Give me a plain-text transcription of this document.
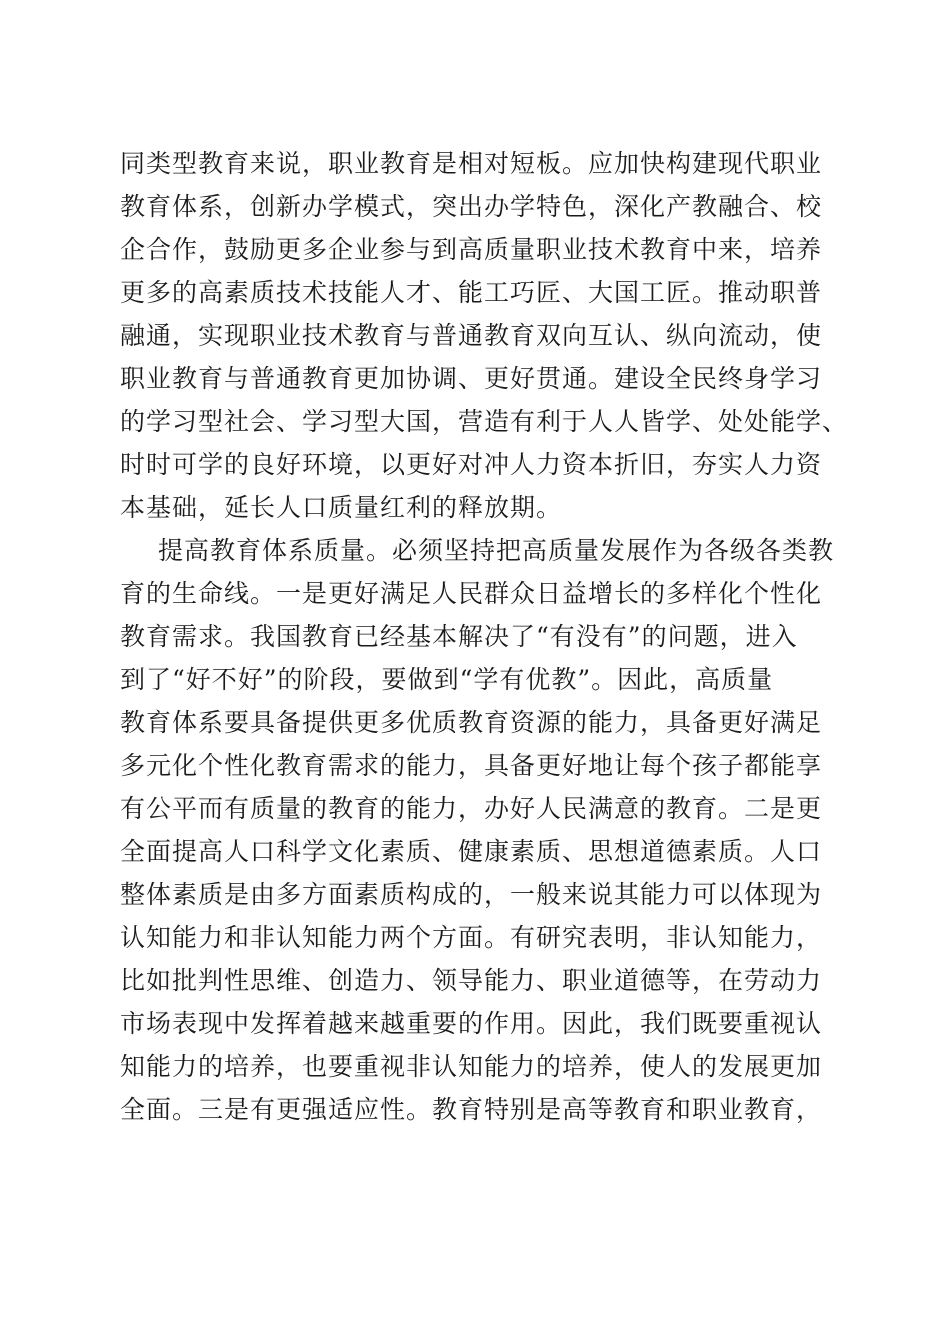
同类型教育来说，职业教育是相对短板。应加快构建现代职业
教育体系，创新办学模式，突出办学特色，深化产教融合、校
企合作，鼓励更多企业参与到高质量职业技术教育中来，培养
更多的高素质技术技能人才、能工巧匠、大国工匠。推动职普
融通，实现职业技术教育与普通教育双向互认、纵向流动，使
职业教育与普通教育更加协调、更好贯通。建设全民终身学习
的学习型社会、学习型大国，营造有利于人人皆学、处处能学、
时时可学的良好环境，以更好对冲人力资本折旧，夯实人力资
本基础，延长人口质量红利的释放期。
提高教育体系质量。必须坚持把高质量发展作为各级各类教
育的生命线。一是更好满足人民群众日益增长的多样化个性化
教育需求。我国教育已经基本解决了“有没有”的问题，进入
到了“好不好”的阶段，要做到“学有优教”。因此，高质量
教育体系要具备提供更多优质教育资源的能力，具备更好满足
多元化个性化教育需求的能力，具备更好地让每个孩子都能享
有公平而有质量的教育的能力，办好人民满意的教育。二是更
全面提高人口科学文化素质、健康素质、思想道德素质。人口
整体素质是由多方面素质构成的，一般来说其能力可以体现为
认知能力和非认知能力两个方面。有研究表明，非认知能力，
比如批判性思维、创造力、领导能力、职业道德等，在劳动力
市场表现中发挥着越来越重要的作用。因此，我们既要重视认
知能力的培养，也要重视非认知能力的培养，使人的发展更加
全面。三是有更强适应性。教育特别是高等教育和职业教育，
